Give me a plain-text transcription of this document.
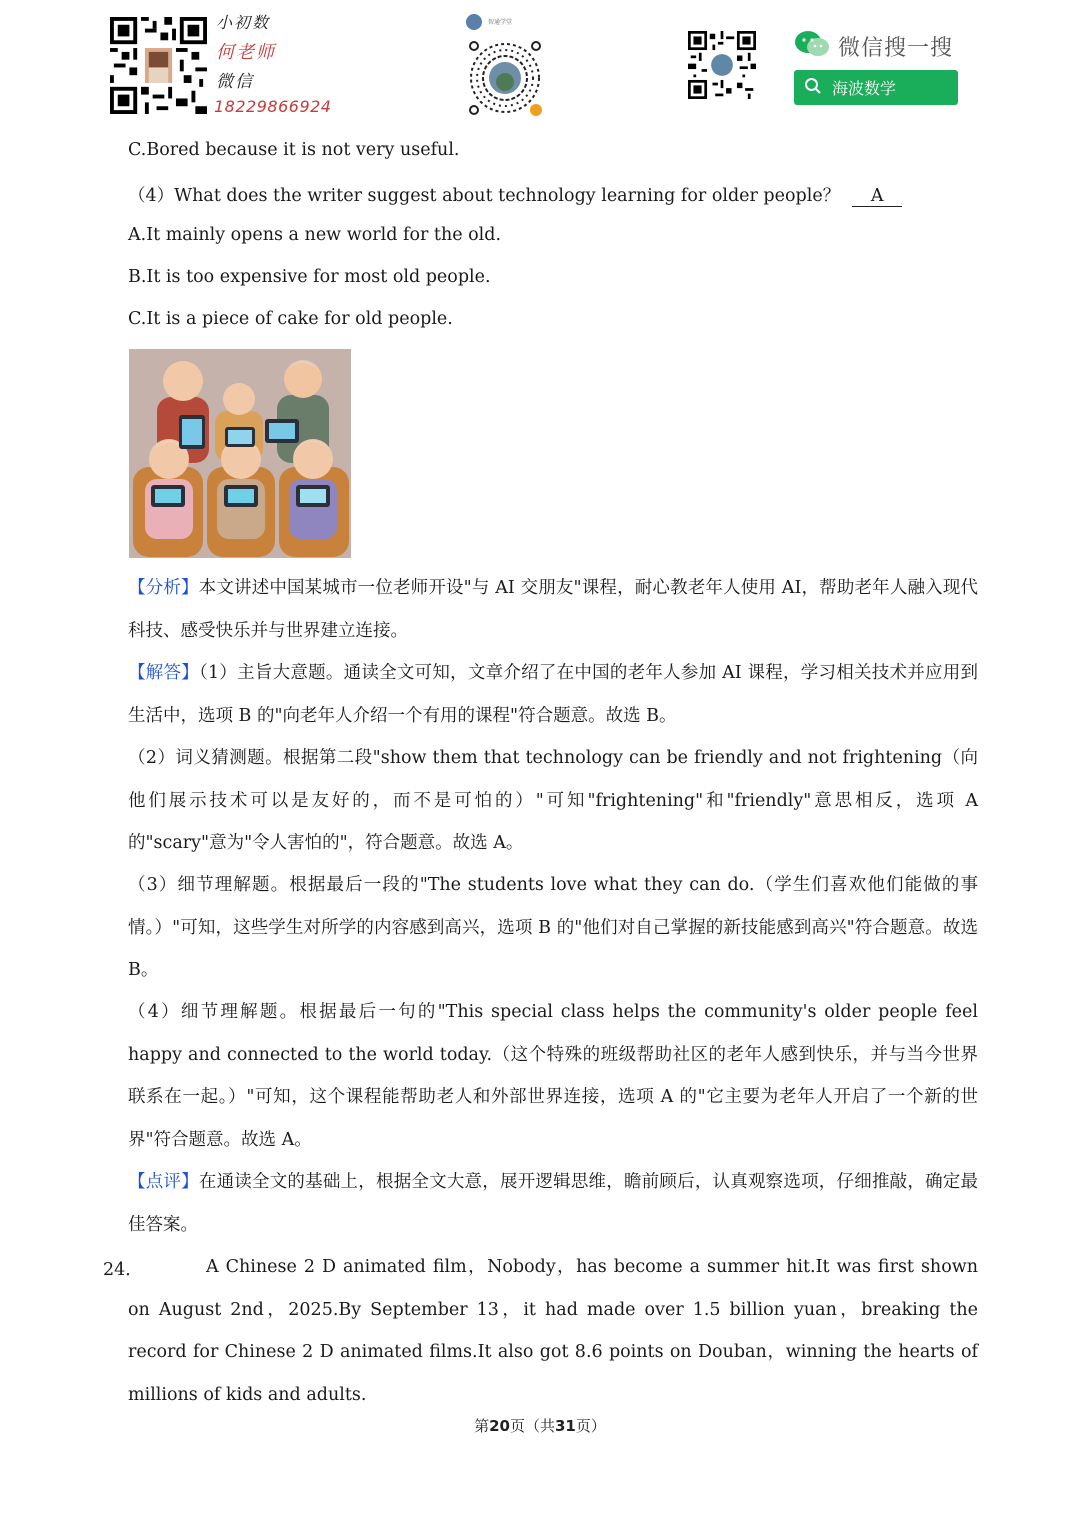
小初数
何老师
微信
18229866924
智通学堂
微信搜一搜
海波数学
C.Bored because it is not very useful.
（4）What does the writer suggest about technology learning for older people？ A
A.It mainly opens a new world for the old.
B.It is too expensive for most old people.
C.It is a piece of cake for old people.
【分析】本文讲述中国某城市一位老师开设"与 AI 交朋友"课程，耐心教老年人使用 AI，帮助老年人融入现代科技、感受快乐并与世界建立连接。
【解答】（1）主旨大意题。通读全文可知，文章介绍了在中国的老年人参加 AI 课程，学习相关技术并应用到生活中，选项 B 的"向老年人介绍一个有用的课程"符合题意。故选 B。
（2）词义猜测题。根据第二段"show them that technology can be friendly and not frightening（向他们展示技术可以是友好的，而不是可怕的）"可知"frightening"和"friendly"意思相反，选项 A 的"scary"意为"令人害怕的"，符合题意。故选 A。
（3）细节理解题。根据最后一段的"The students love what they can do.（学生们喜欢他们能做的事情。）"可知，这些学生对所学的内容感到高兴，选项 B 的"他们对自己掌握的新技能感到高兴"符合题意。故选 B。
（4）细节理解题。根据最后一句的"This special class helps the community's older people feel happy and connected to the world today.（这个特殊的班级帮助社区的老年人感到快乐，并与当今世界联系在一起。）"可知，这个课程能帮助老人和外部世界连接，选项 A 的"它主要为老年人开启了一个新的世界"符合题意。故选 A。
【点评】在通读全文的基础上，根据全文大意，展开逻辑思维，瞻前顾后，认真观察选项，仔细推敲，确定最佳答案。
24．	A Chinese 2 D animated film，Nobody，has become a summer hit.It was first shown on August 2nd，2025.By September 13，it had made over 1.5 billion yuan，breaking the record for Chinese 2 D animated films.It also got 8.6 points on Douban，winning the hearts of millions of kids and adults.
第20页（共31页）
